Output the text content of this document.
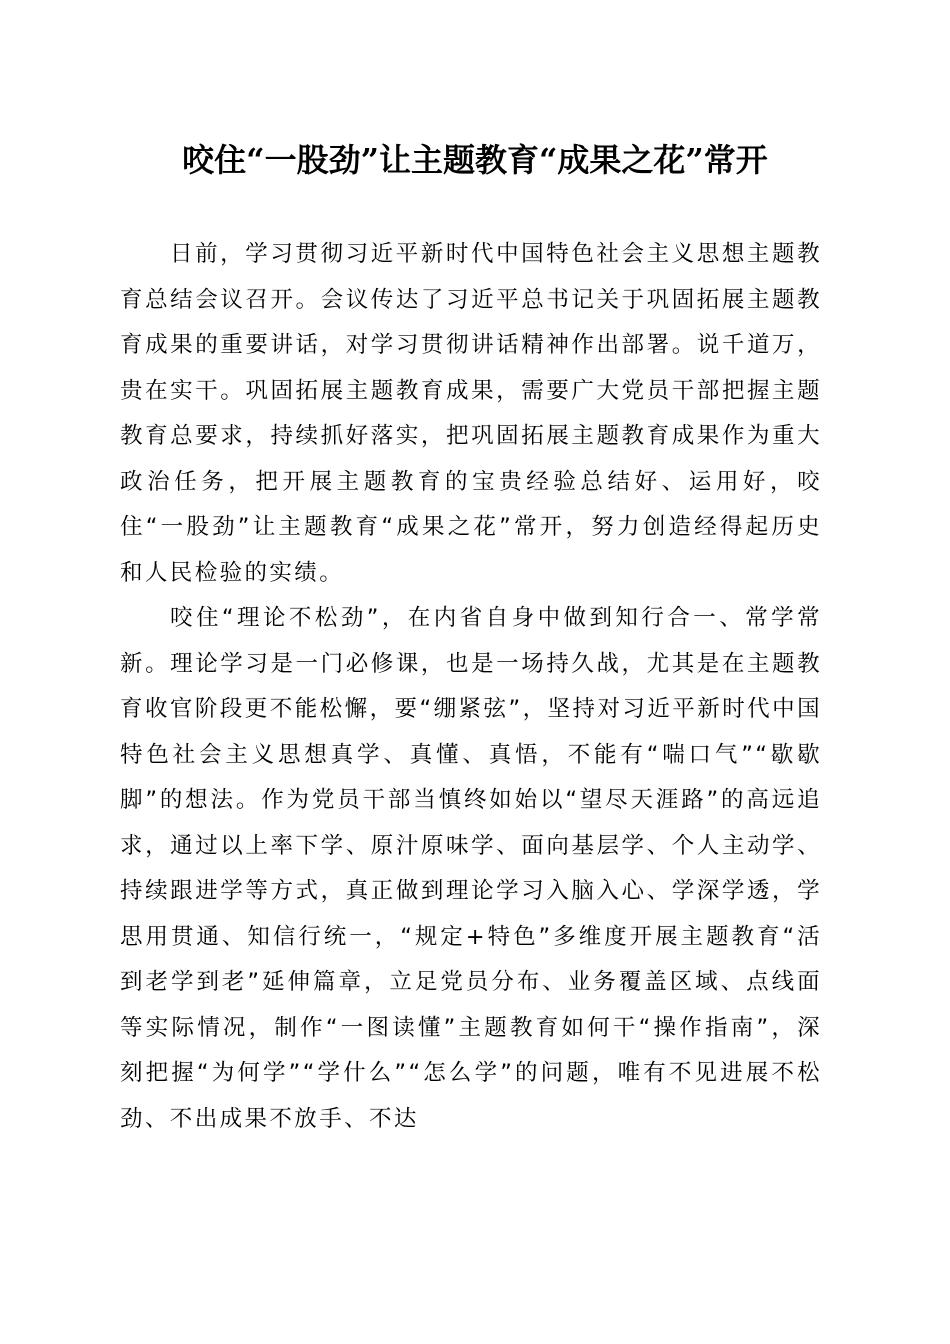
咬住“一股劲”让主题教育“成果之花”常开

日前，学习贯彻习近平新时代中国特色社会主义思想主题教育总结会议召开。会议传达了习近平总书记关于巩固拓展主题教育成果的重要讲话，对学习贯彻讲话精神作出部署。说千道万，贵在实干。巩固拓展主题教育成果，需要广大党员干部把握主题教育总要求，持续抓好落实，把巩固拓展主题教育成果作为重大政治任务，把开展主题教育的宝贵经验总结好、运用好，咬住“一股劲”让主题教育“成果之花”常开，努力创造经得起历史和人民检验的实绩。

咬住“理论不松劲”，在内省自身中做到知行合一、常学常新。理论学习是一门必修课，也是一场持久战，尤其是在主题教育收官阶段更不能松懈，要“绷紧弦”，坚持对习近平新时代中国特色社会主义思想真学、真懂、真悟，不能有“喘口气”“歇歇脚”的想法。作为党员干部当慎终如始以“望尽天涯路”的高远追求，通过以上率下学、原汁原味学、面向基层学、个人主动学、持续跟进学等方式，真正做到理论学习入脑入心、学深学透，学思用贯通、知信行统一，“规定+特色”多维度开展主题教育“活到老学到老”延伸篇章，立足党员分布、业务覆盖区域、点线面等实际情况，制作“一图读懂”主题教育如何干“操作指南”，深刻把握“为何学”“学什么”“怎么学”的问题，唯有不见进展不松劲、不出成果不放手、不达
